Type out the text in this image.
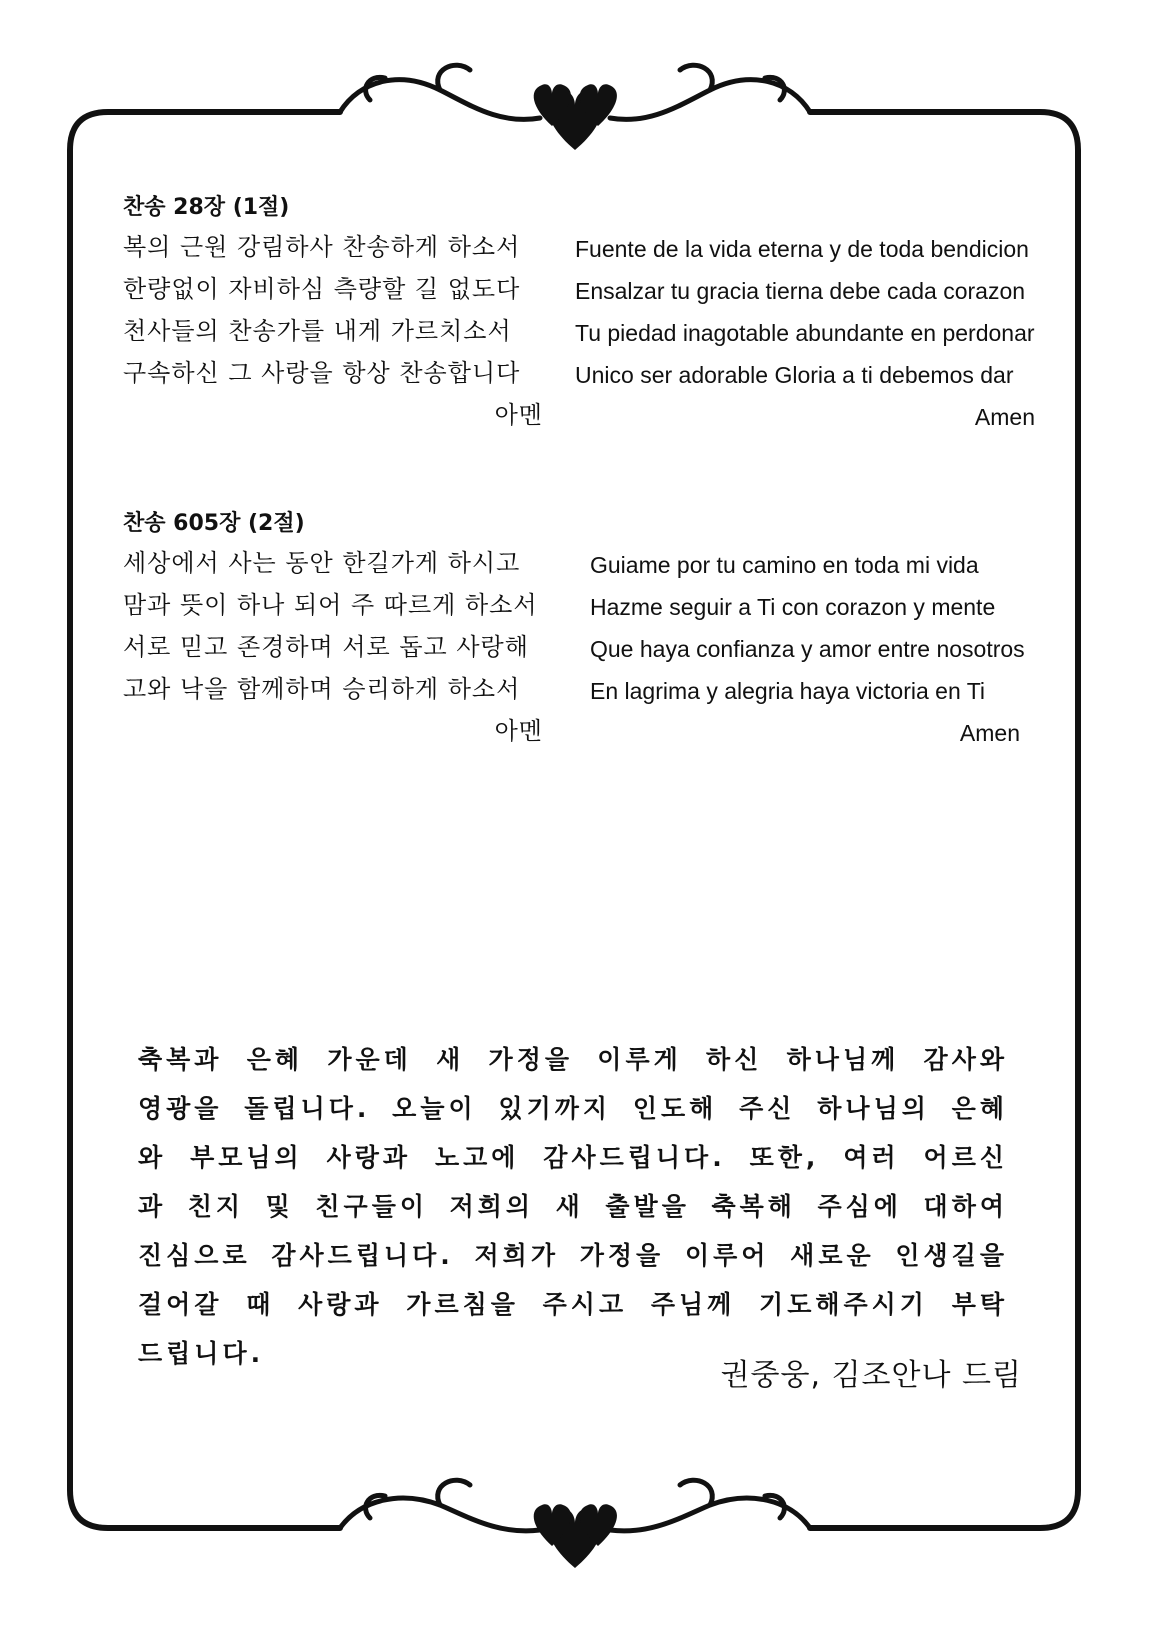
찬송 28장 (1절)
복의 근원 강림하사 찬송하게 하소서
한량없이 자비하심 측량할 길 없도다
천사들의 찬송가를 내게 가르치소서
구속하신 그 사랑을 항상 찬송합니다
아멘
Fuente de la vida eterna y de toda bendicion
Ensalzar tu gracia tierna debe cada corazon
Tu piedad inagotable abundante en perdonar
Unico ser adorable Gloria a ti debemos dar
Amen
찬송 605장 (2절)
세상에서 사는 동안 한길가게 하시고
맘과 뜻이 하나 되어 주 따르게 하소서
서로 믿고 존경하며 서로 돕고 사랑해
고와 낙을 함께하며 승리하게 하소서
아멘
Guiame por tu camino en toda mi vida
Hazme seguir a Ti con corazon y mente
Que haya confianza y amor entre nosotros
En lagrima y alegria haya victoria en Ti
Amen

축복과 은혜 가운데 새 가정을 이루게 하신 하나님께 감사와 영광을 돌립니다. 오늘이 있기까지 인도해 주신 하나님의 은혜와 부모님의 사랑과 노고에 감사드립니다. 또한, 여러 어르신과 친지 및 친구들이 저희의 새 출발을 축복해 주심에 대하여 진심으로 감사드립니다. 저희가 가정을 이루어 새로운 인생길을 걸어갈 때 사랑과 가르침을 주시고 주님께 기도해주시기 부탁드립니다.

권중웅, 김조안나 드림
